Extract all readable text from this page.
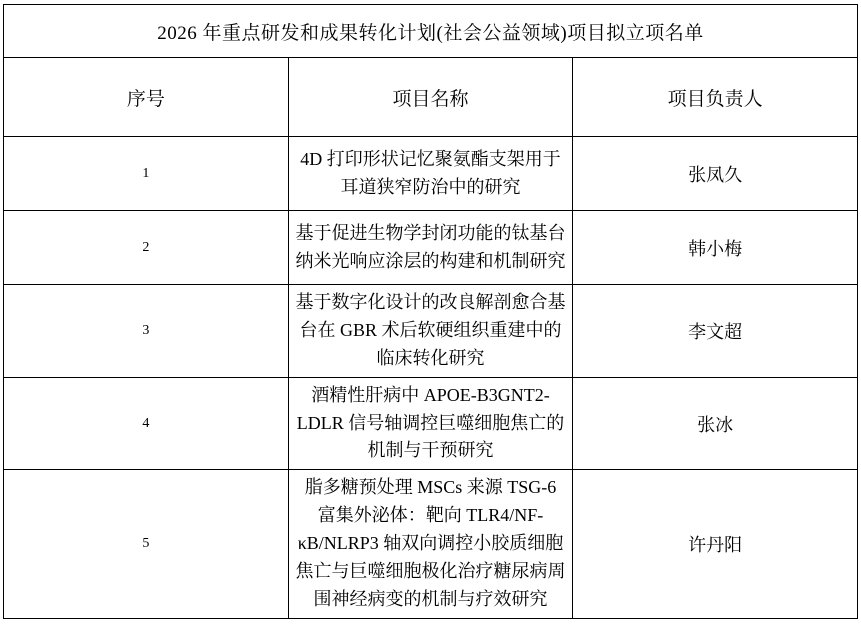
2026 年重点研发和成果转化计划(社会公益领域)项目拟立项名单		
序号	项目名称	项目负责人
1	4D 打印形状记忆聚氨酯支架用于耳道狭窄防治中的研究	张凤久
2	基于促进生物学封闭功能的钛基台纳米光响应涂层的构建和机制研究	韩小梅
3	基于数字化设计的改良解剖愈合基台在 GBR 术后软硬组织重建中的临床转化研究	李文超
4	酒精性肝病中 APOE-B3GNT2-LDLR 信号轴调控巨噬细胞焦亡的机制与干预研究	张冰
5	脂多糖预处理 MSCs 来源 TSG-6 富集外泌体：靶向 TLR4/NF-κB/NLRP3 轴双向调控小胶质细胞焦亡与巨噬细胞极化治疗糖尿病周围神经病变的机制与疗效研究	许丹阳
